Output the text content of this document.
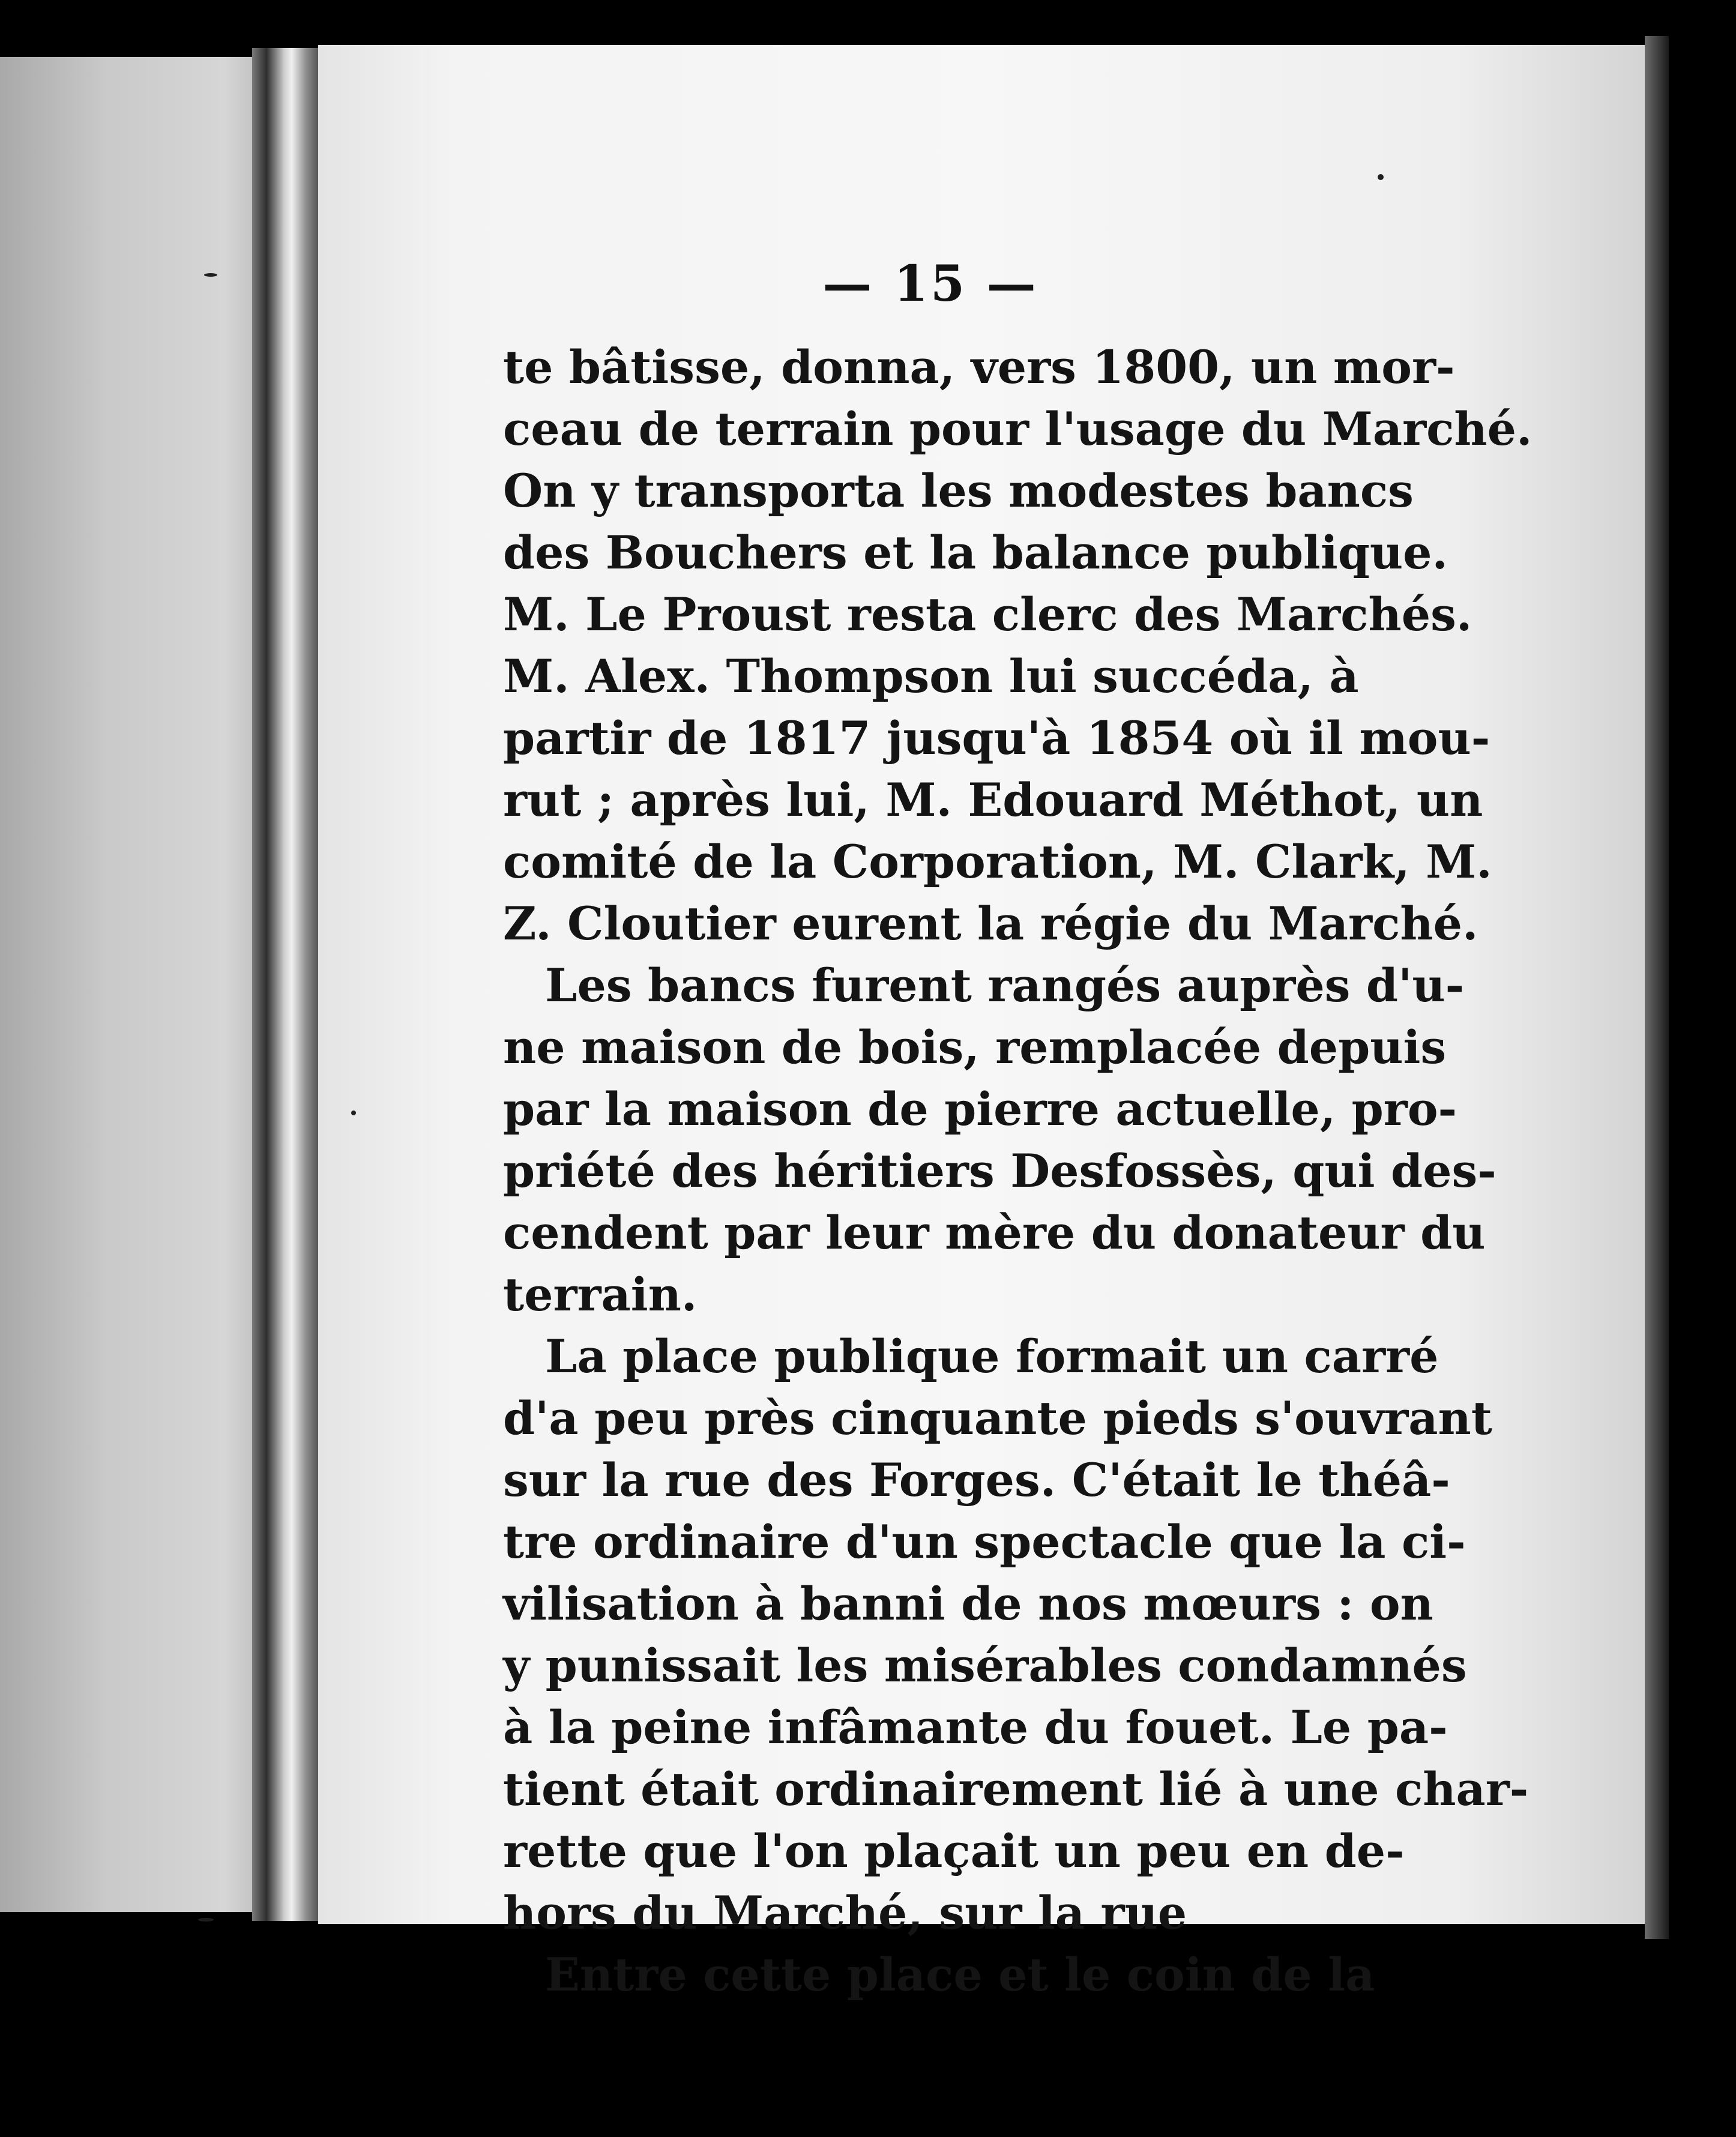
— 15 —
te bâtisse, donna, vers 1800, un mor-
ceau de terrain pour l'usage du Marché.
On y transporta les modestes bancs
des Bouchers et la balance publique.
M. Le Proust resta clerc des Marchés.
M. Alex. Thompson lui succéda, à
partir de 1817 jusqu'à 1854 où il mou-
rut ; après lui, M. Edouard Méthot, un
comité de la Corporation, M. Clark, M.
Z. Cloutier eurent la régie du Marché.
Les bancs furent rangés auprès d'u-
ne maison de bois, remplacée depuis
par la maison de pierre actuelle, pro-
priété des héritiers Desfossès, qui des-
cendent par leur mère du donateur du
terrain.
La place publique formait un carré
d'a peu près cinquante pieds s'ouvrant
sur la rue des Forges. C'était le théâ-
tre ordinaire d'un spectacle que la ci-
vilisation à banni de nos mœurs : on
y punissait les misérables condamnés
à la peine infâmante du fouet. Le pa-
tient était ordinairement lié à une char-
rette que l'on plaçait un peu en de-
hors du Marché, sur la rue
Entre cette place et le coin de la
